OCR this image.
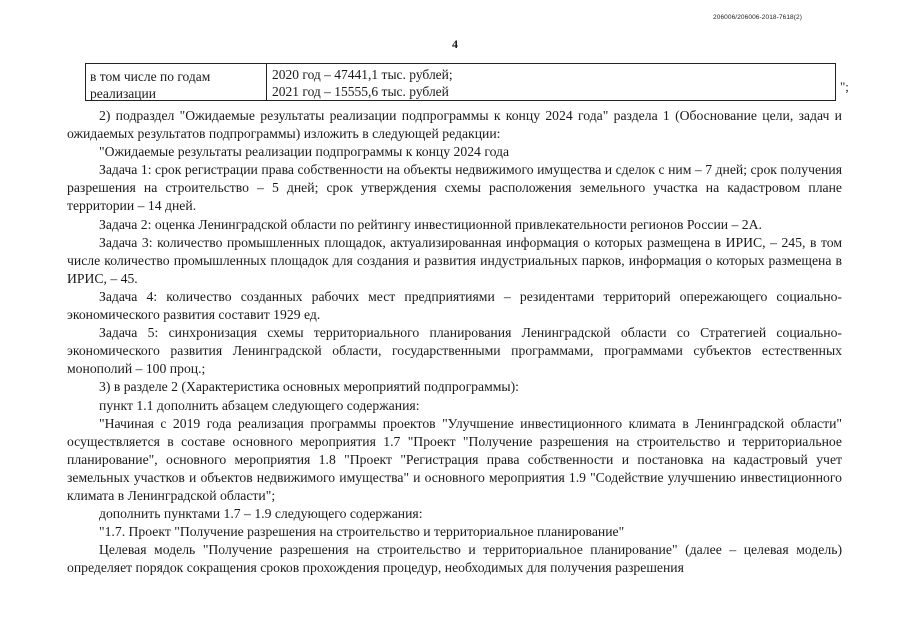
206006/206006-2018-7618(2)
4
в том числе по годам
реализации
2020 год – 47441,1 тыс. рублей;
2021 год – 15555,6 тыс. рублей	";

2) подраздел "Ожидаемые результаты реализации подпрограммы к концу 2024 года" раздела 1 (Обоснование цели, задач и ожидаемых результатов подпрограммы) изложить в следующей редакции:

"Ожидаемые результаты реализации подпрограммы к концу 2024 года

Задача 1: срок регистрации права собственности на объекты недвижимого имущества и сделок с ним – 7 дней; срок получения разрешения на строительство – 5 дней; срок утверждения схемы расположения земельного участка на кадастровом плане территории – 14 дней.

Задача 2: оценка Ленинградской области по рейтингу инвестиционной привлекательности регионов России – 2А.

Задача 3: количество промышленных площадок, актуализированная информация о которых размещена в ИРИС, – 245, в том числе количество промышленных площадок для создания и развития индустриальных парков, информация о которых размещена в ИРИС, – 45.

Задача 4: количество созданных рабочих мест предприятиями – резидентами территорий опережающего социально-экономического развития составит 1929 ед.

Задача 5: синхронизация схемы территориального планирования Ленинградской области со Стратегией социально-экономического развития Ленинградской области, государственными программами, программами субъектов естественных монополий – 100 проц.;

3) в разделе 2 (Характеристика основных мероприятий подпрограммы):

пункт 1.1 дополнить абзацем следующего содержания:

"Начиная с 2019 года реализация программы проектов "Улучшение инвестиционного климата в Ленинградской области" осуществляется в составе основного мероприятия 1.7 "Проект "Получение разрешения на строительство и территориальное планирование", основного мероприятия 1.8 "Проект "Регистрация права собственности и постановка на кадастровый учет земельных участков и объектов недвижимого имущества" и основного мероприятия 1.9 "Содействие улучшению инвестиционного климата в Ленинградской области";

дополнить пунктами 1.7 – 1.9 следующего содержания:

"1.7. Проект "Получение разрешения на строительство и территориальное планирование"

Целевая модель "Получение разрешения на строительство и территориальное планирование" (далее – целевая модель) определяет порядок сокращения сроков прохождения процедур, необходимых для получения разрешения
